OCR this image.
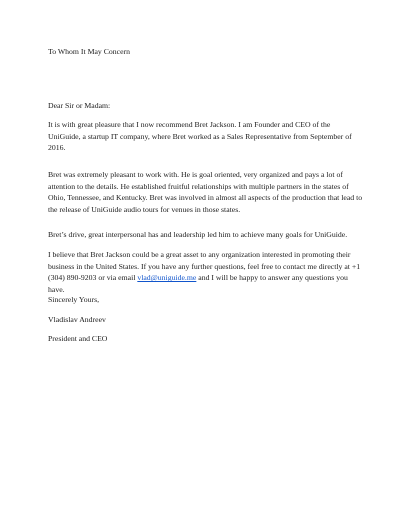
To Whom It May Concern

Dear Sir or Madam:

It is with great pleasure that I now recommend Bret Jackson. I am Founder and CEO of the UniGuide, a startup IT company, where Bret worked as a Sales Representative from September of 2016.

Bret was extremely pleasant to work with. He is goal oriented, very organized and pays a lot of attention to the details. He established fruitful relationships with multiple partners in the states of Ohio, Tennessee, and Kentucky. Bret was involved in almost all aspects of the production that lead to the release of UniGuide audio tours for venues in those states.

Bret’s drive, great interpersonal has and leadership led him to achieve many goals for UniGuide.

I believe that Bret Jackson could be a great asset to any organization interested in promoting their business in the United States. If you have any further questions, feel free to contact me directly at +1 (304) 890-9203 or via email vlad@uniguide.me and I will be happy to answer any questions you have.

Sincerely Yours,

Vladislav Andreev

President and CEO
